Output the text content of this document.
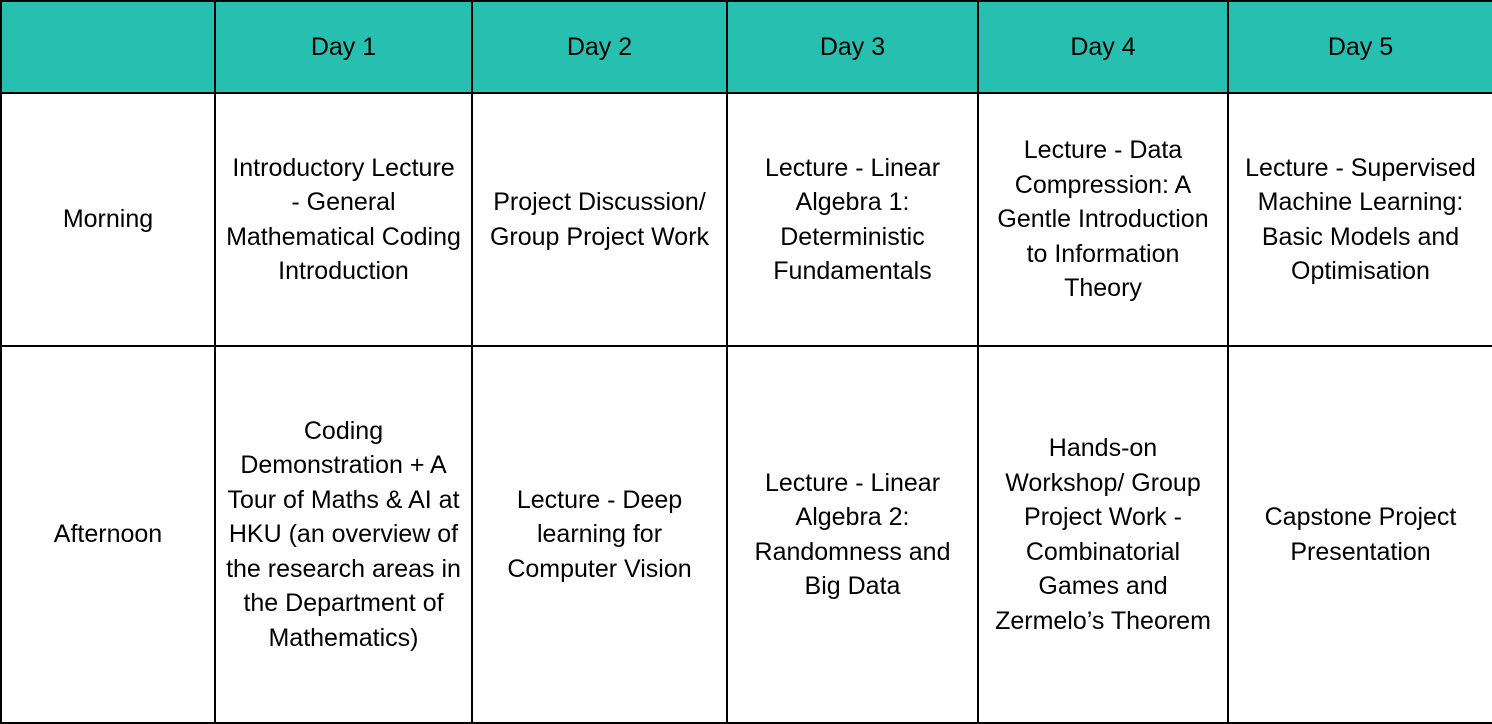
	Day 1	Day 2	Day 3	Day 4	Day 5
Morning	Introductory Lecture - General Mathematical Coding Introduction	Project Discussion/ Group Project Work	Lecture - Linear Algebra 1: Deterministic Fundamentals	Lecture - Data Compression: A Gentle Introduction to Information Theory	Lecture - Supervised Machine Learning: Basic Models and Optimisation

Afternoon	Coding Demonstration + A Tour of Maths & AI at HKU (an overview of the research areas in the Department of Mathematics)	Lecture - Deep learning for Computer Vision	Lecture - Linear Algebra 2: Randomness and Big Data	Hands-on Workshop/ Group Project Work - Combinatorial Games and Zermelo’s Theorem	Capstone Project Presentation
